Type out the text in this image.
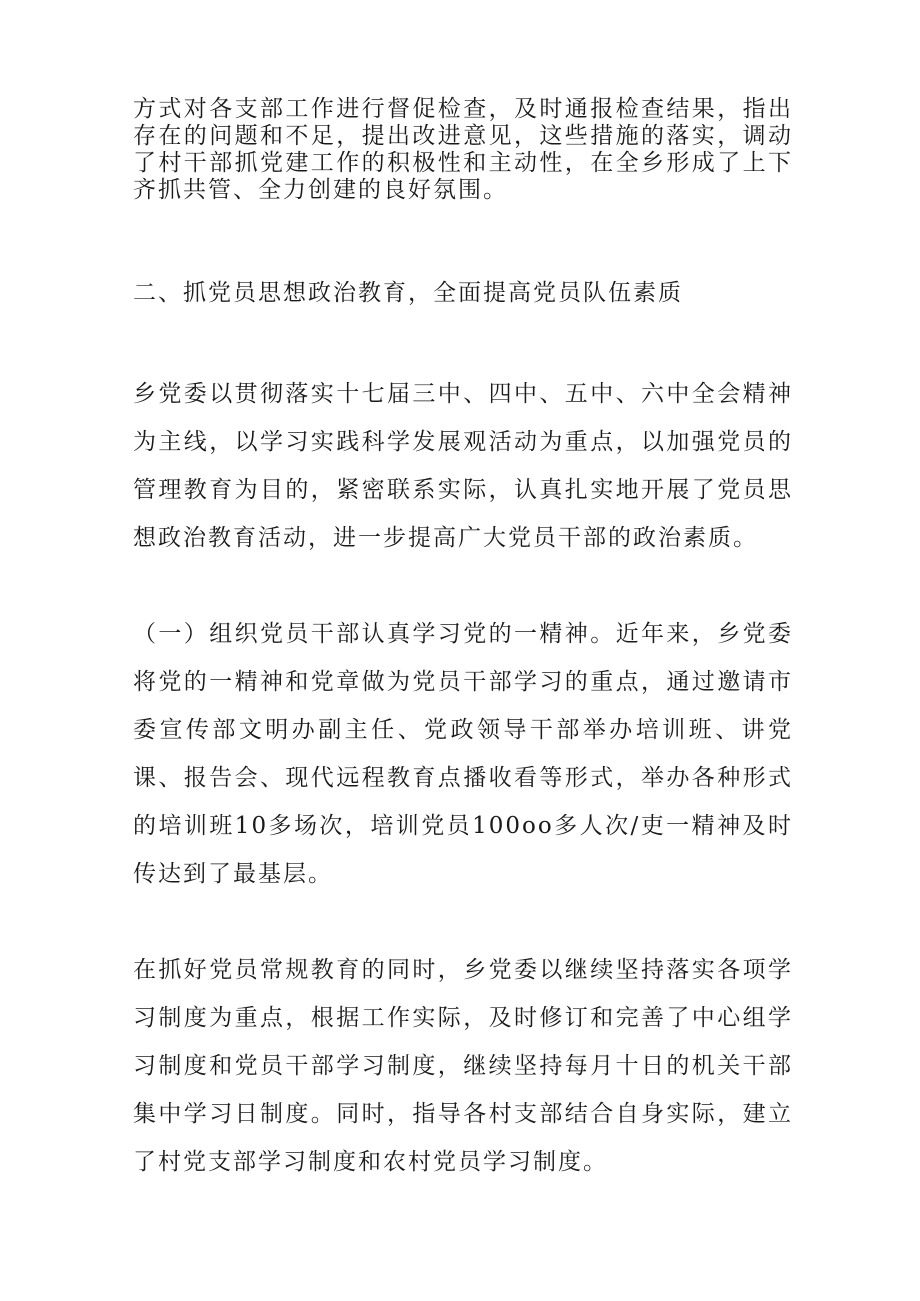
方式对各支部工作进行督促检查，及时通报检查结果，指出存在的问题和不足，提出改进意见，这些措施的落实，调动了村干部抓党建工作的积极性和主动性，在全乡形成了上下齐抓共管、全力创建的良好氛围。

二、抓党员思想政治教育，全面提高党员队伍素质

乡党委以贯彻落实十七届三中、四中、五中、六中全会精神为主线，以学习实践科学发展观活动为重点，以加强党员的管理教育为目的，紧密联系实际，认真扎实地开展了党员思想政治教育活动，进一步提高广大党员干部的政治素质。

（一）组织党员干部认真学习党的一精神。近年来，乡党委将党的一精神和党章做为党员干部学习的重点，通过邀请市委宣传部文明办副主任、党政领导干部举办培训班、讲党课、报告会、现代远程教育点播收看等形式，举办各种形式的培训班10多场次，培训党员100oo多人次/吏一精神及时传达到了最基层。

在抓好党员常规教育的同时，乡党委以继续坚持落实各项学习制度为重点，根据工作实际，及时修订和完善了中心组学习制度和党员干部学习制度，继续坚持每月十日的机关干部集中学习日制度。同时，指导各村支部结合自身实际，建立了村党支部学习制度和农村党员学习制度。
